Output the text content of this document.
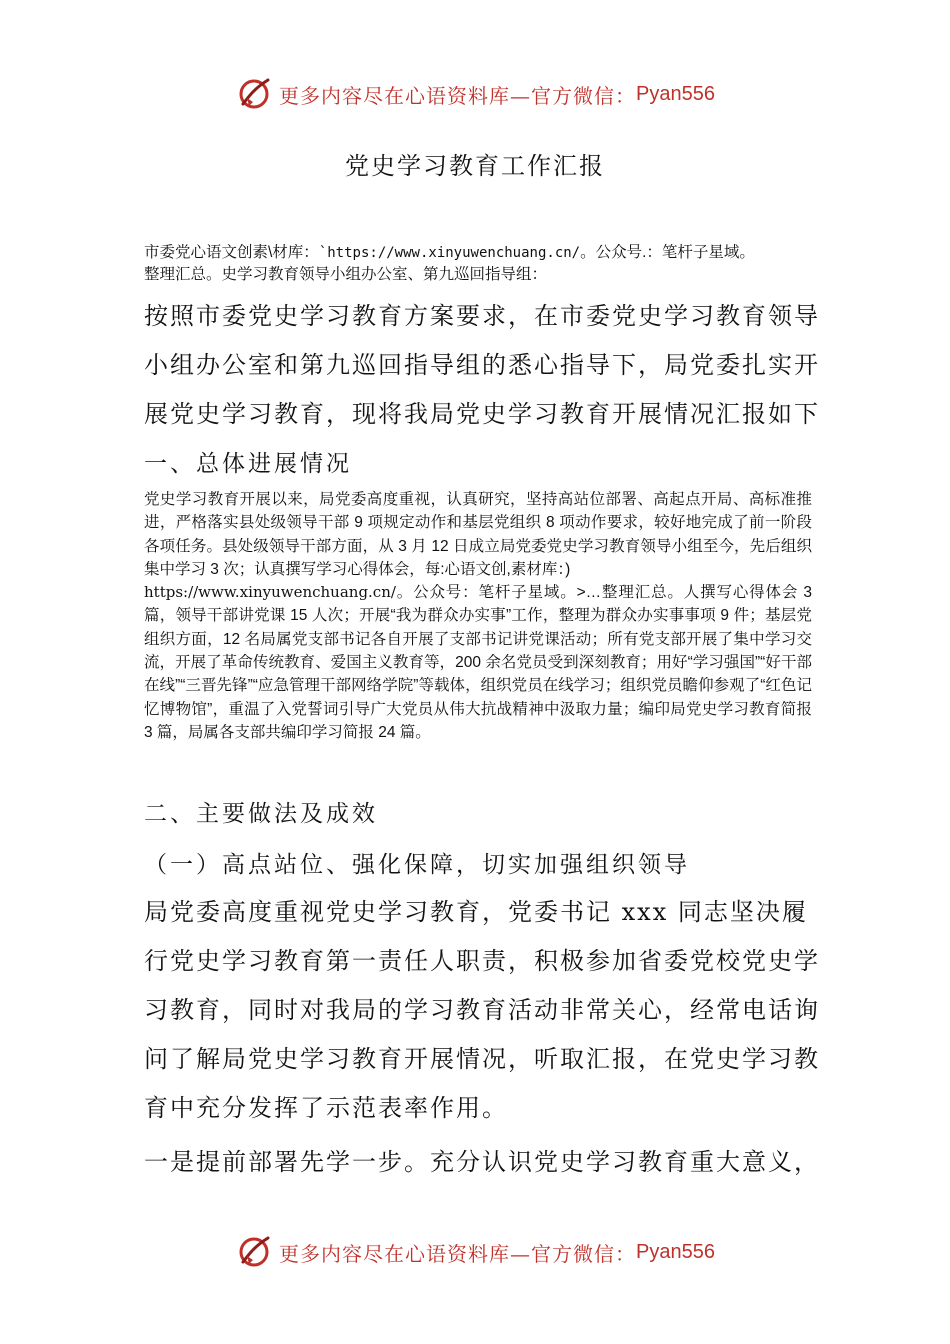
更多内容尽在心语资料库—官方微信： Pyan556
党史学习教育工作汇报
市委党心语文创素\材库：`https://www.xinyuwenchuang.cn/。公众号.：笔杆子星域。
整理汇总。史学习教育领导小组办公室、第九巡回指导组：
按照市委党史学习教育方案要求，在市委党史学习教育领导小组办公室和第九巡回指导组的悉心指导下，局党委扎实开展党史学习教育，现将我局党史学习教育开展情况汇报如下
一、总体进展情况
党史学习教育开展以来，局党委高度重视，认真研究，坚持高站位部署、高起点开局、高标准推进，严格落实县处级领导干部 9 项规定动作和基层党组织 8 项动作要求，较好地完成了前一阶段各项任务。县处级领导干部方面，从 3 月 12 日成立局党委党史学习教育领导小组至今，先后组织集中学习 3 次；认真撰写学习心得体会，每:心语文创,素材库：)
https://www.xinyuwenchuang.cn/。公众号：笔杆子星域。>…整理汇总。人撰写心得体会 3 篇，领导干部讲党课 15 人次；开展“我为群众办实事”工作，整理为群众办实事事项 9 件；基层党组织方面，12 名局属党支部书记各自开展了支部书记讲党课活动；所有党支部开展了集中学习交流，开展了革命传统教育、爱国主义教育等，200 余名党员受到深刻教育；用好“学习强国”“好干部在线”“三晋先锋”“应急管理干部网络学院”等载体，组织党员在线学习；组织党员瞻仰参观了“红色记忆博物馆”，重温了入党誓词引导广大党员从伟大抗战精神中汲取力量；编印局党史学习教育简报 3 篇，局属各支部共编印学习简报 24 篇。
二、主要做法及成效
（一）高点站位、强化保障，切实加强组织领导
局党委高度重视党史学习教育，党委书记 xxx 同志坚决履行党史学习教育第一责任人职责，积极参加省委党校党史学习教育，同时对我局的学习教育活动非常关心，经常电话询问了解局党史学习教育开展情况，听取汇报，在党史学习教育中充分发挥了示范表率作用。
一是提前部署先学一步。充分认识党史学习教育重大意义，
更多内容尽在心语资料库—官方微信： Pyan556
